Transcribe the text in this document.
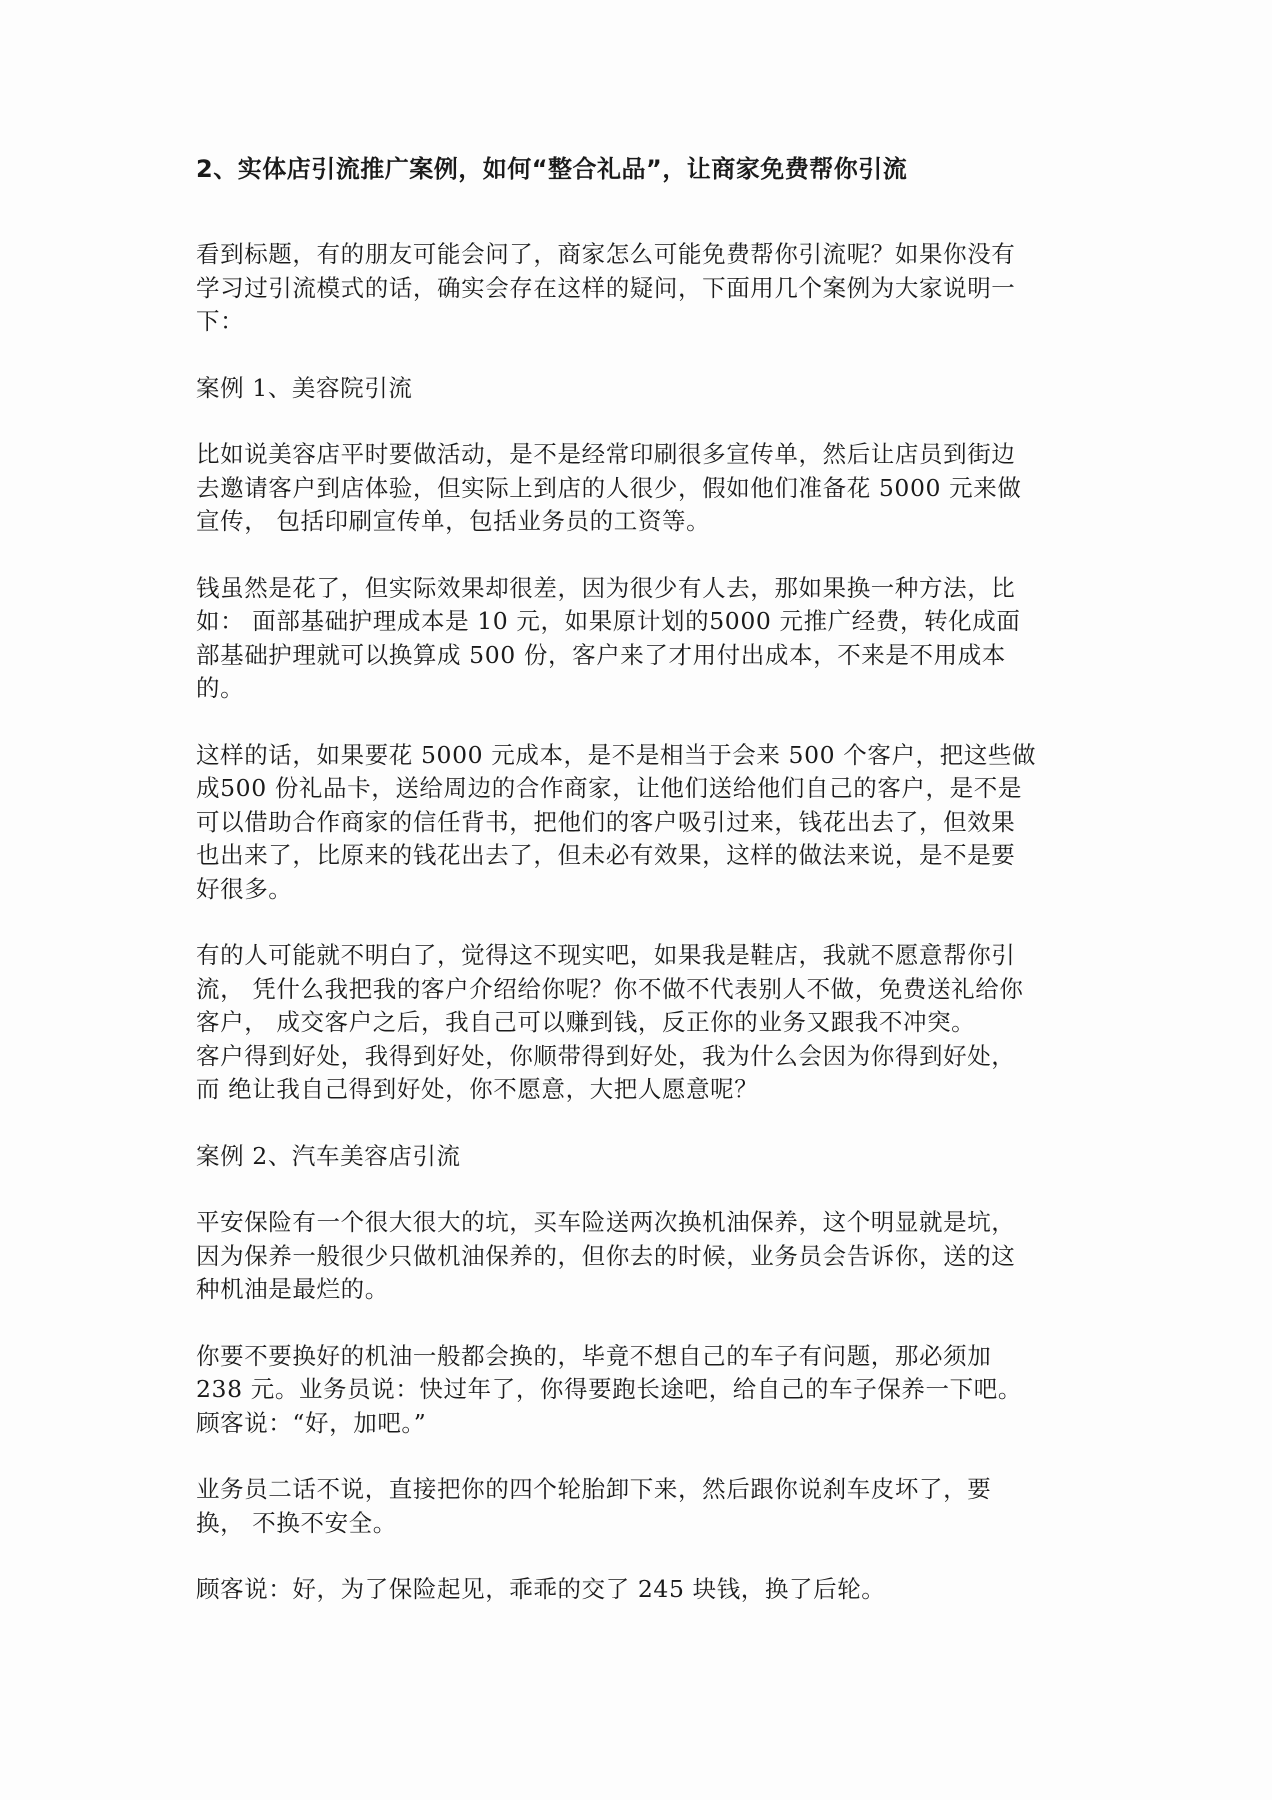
2、实体店引流推广案例，如何“整合礼品”，让商家免费帮你引流
看到标题，有的朋友可能会问了，商家怎么可能免费帮你引流呢？如果你没有
学习过引流模式的话，确实会存在这样的疑问，下面用几个案例为大家说明一
下：
案例 1、美容院引流
比如说美容店平时要做活动，是不是经常印刷很多宣传单，然后让店员到街边
去邀请客户到店体验，但实际上到店的人很少，假如他们准备花 5000 元来做
宣传， 包括印刷宣传单，包括业务员的工资等。
钱虽然是花了，但实际效果却很差，因为很少有人去，那如果换一种方法，比
如： 面部基础护理成本是 10 元，如果原计划的5000 元推广经费，转化成面
部基础护理就可以换算成 500 份，客户来了才用付出成本，不来是不用成本
的。
这样的话，如果要花 5000 元成本，是不是相当于会来 500 个客户，把这些做
成500 份礼品卡，送给周边的合作商家，让他们送给他们自己的客户，是不是
可以借助合作商家的信任背书，把他们的客户吸引过来，钱花出去了，但效果
也出来了，比原来的钱花出去了，但未必有效果，这样的做法来说，是不是要
好很多。
有的人可能就不明白了，觉得这不现实吧，如果我是鞋店，我就不愿意帮你引
流， 凭什么我把我的客户介绍给你呢？你不做不代表别人不做，免费送礼给你
客户， 成交客户之后，我自己可以赚到钱，反正你的业务又跟我不冲突。
客户得到好处，我得到好处，你顺带得到好处，我为什么会因为你得到好处，
而 绝让我自己得到好处，你不愿意，大把人愿意呢？
案例 2、汽车美容店引流
平安保险有一个很大很大的坑，买车险送两次换机油保养，这个明显就是坑，
因为保养一般很少只做机油保养的，但你去的时候，业务员会告诉你，送的这
种机油是最烂的。
你要不要换好的机油一般都会换的，毕竟不想自己的车子有问题，那必须加
238 元。业务员说：快过年了，你得要跑长途吧，给自己的车子保养一下吧。
顾客说：“好，加吧。”
业务员二话不说，直接把你的四个轮胎卸下来，然后跟你说刹车皮坏了，要
换， 不换不安全。
顾客说：好，为了保险起见，乖乖的交了 245 块钱，换了后轮。
